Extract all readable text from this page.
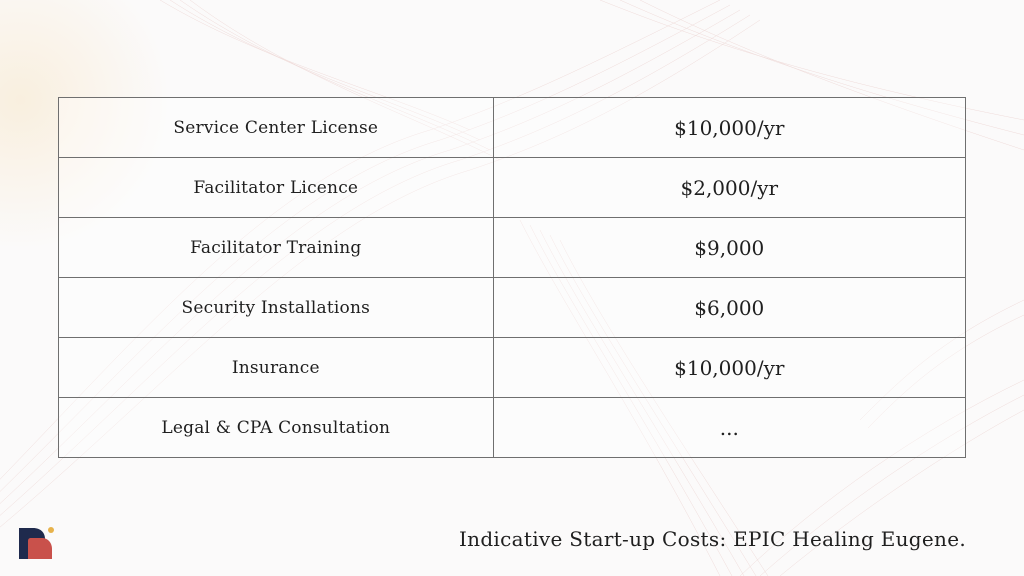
Service Center License	$10,000/yr
Facilitator Licence	$2,000/yr
Facilitator Training	$9,000
Security Installations	$6,000
Insurance	$10,000/yr
Legal & CPA Consultation	...
Indicative Start-up Costs: EPIC Healing Eugene.
